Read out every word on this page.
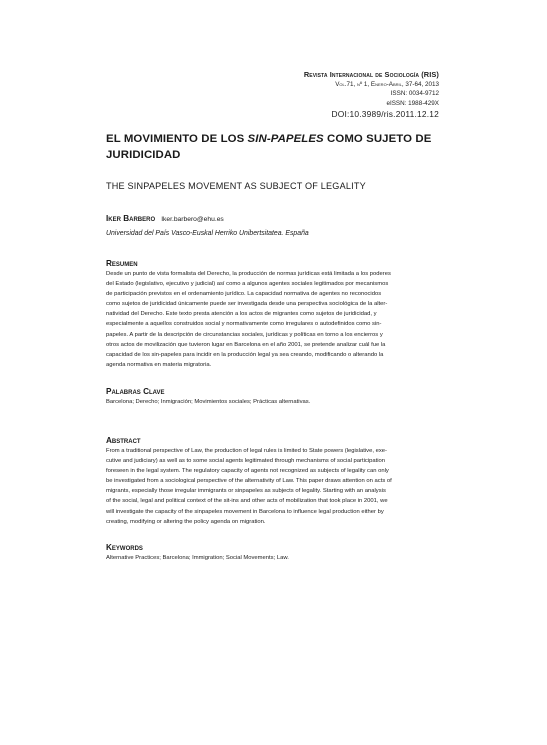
Revista Internacional de Sociología (RIS)
Vol.71, nº 1, Enero-Abril, 37-64, 2013
ISSN: 0034-9712
eISSN: 1988-429X
DOI:10.3989/ris.2011.12.12
EL MOVIMIENTO DE LOS SIN-PAPELES COMO SUJETO DE
JURIDICIDAD
THE SINPAPELES MOVEMENT AS SUBJECT OF LEGALITY
Iker Barbero Iker.barbero@ehu.es
Universidad del País Vasco-Euskal Herriko Unibertsitatea. España
Resumen
Desde un punto de vista formalista del Derecho, la producción de normas jurídicas está limitada a los poderes
del Estado (legislativo, ejecutivo y judicial) así como a algunos agentes sociales legitimados por mecanismos
de participación previstos en el ordenamiento jurídico. La capacidad normativa de agentes no reconocidos
como sujetos de juridicidad únicamente puede ser investigada desde una perspectiva sociológica de la alter-
natividad del Derecho. Este texto presta atención a los actos de migrantes como sujetos de juridicidad, y
especialmente a aquellos construidos social y normativamente como irregulares o autodefinidos como sin-
papeles. A partir de la descripción de circunstancias sociales, jurídicas y políticas en torno a los encierros y
otros actos de movilización que tuvieron lugar en Barcelona en el año 2001, se pretende analizar cuál fue la
capacidad de los sin-papeles para incidir en la producción legal ya sea creando, modificando o alterando la
agenda normativa en materia migratoria.
Palabras Clave
Barcelona; Derecho; Inmigración; Movimientos sociales; Prácticas alternativas.
Abstract
From a traditional perspective of Law, the production of legal rules is limited to State powers (legislative, exe-
cutive and judiciary) as well as to some social agents legitimated through mechanisms of social participation
foreseen in the legal system. The regulatory capacity of agents not recognized as subjects of legality can only
be investigated from a sociological perspective of the alternativity of Law. This paper draws attention on acts of
migrants, especially those irregular immigrants or sinpapeles as subjects of legality. Starting with an analysis
of the social, legal and political context of the sit-ins and other acts of mobilization that took place in 2001, we
will investigate the capacity of the sinpapeles movement in Barcelona to influence legal production either by
creating, modifying or altering the policy agenda on migration.
Keywords
Alternative Practices; Barcelona; Immigration; Social Movements; Law.
